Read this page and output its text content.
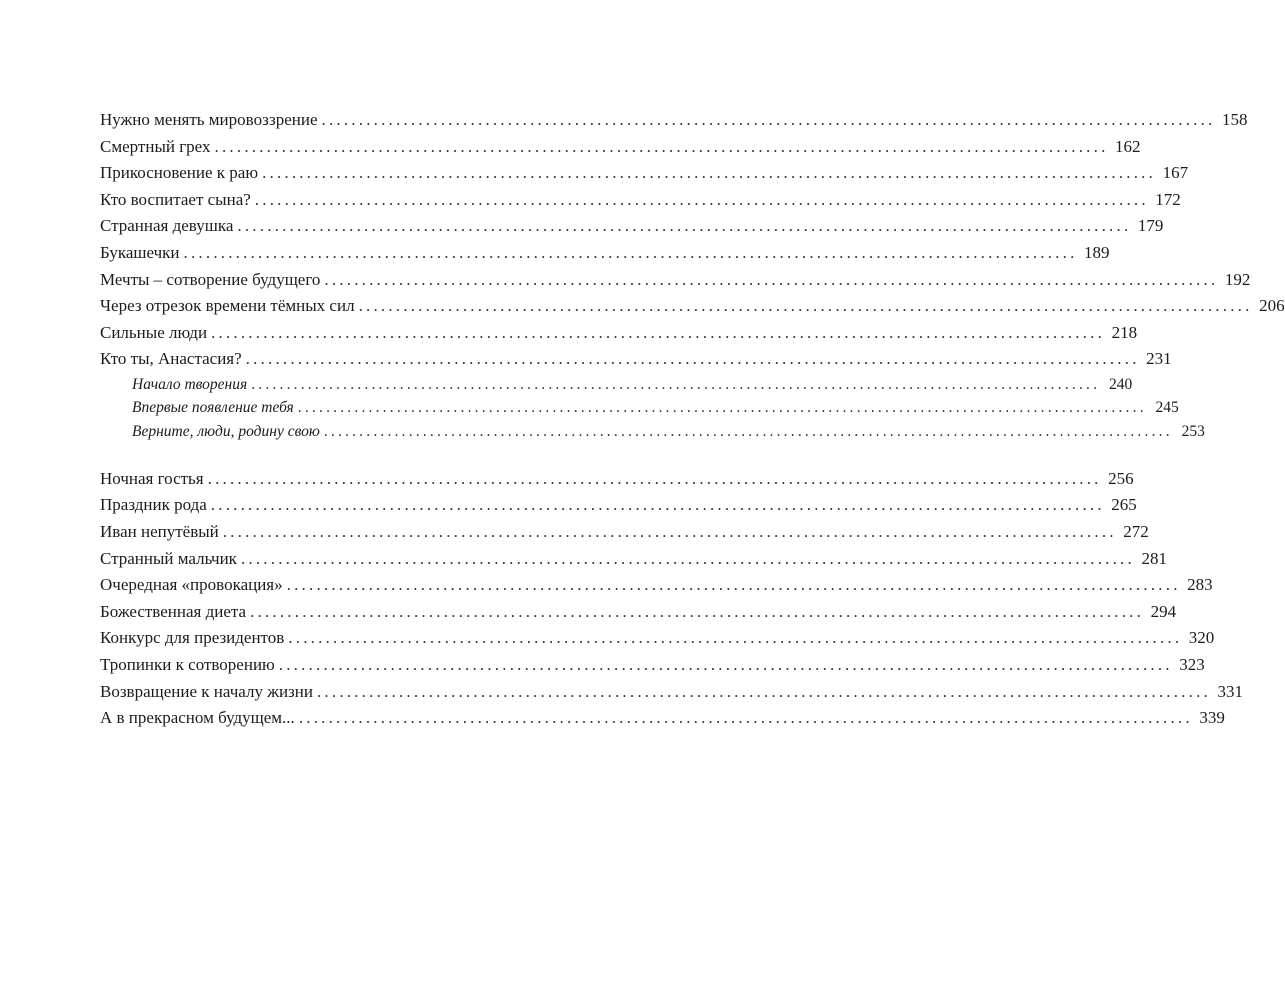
Нужно менять мировоззрение ........................................................................................................................ 158
Смертный грех ........................................................................................................................ 162
Прикосновение к раю ........................................................................................................................ 167
Кто воспитает сына? ........................................................................................................................ 172
Странная девушка ........................................................................................................................ 179
Букашечки ........................................................................................................................ 189
Мечты – сотворение будущего ........................................................................................................................ 192
Через отрезок времени тёмных сил ........................................................................................................................ 206
Сильные люди ........................................................................................................................ 218
Кто ты, Анастасия? ........................................................................................................................ 231
Начало творения ........................................................................................................................ 240
Впервые появление тебя ........................................................................................................................ 245
Верните, люди, родину свою ........................................................................................................................ 253
Ночная гостья ........................................................................................................................ 256
Праздник рода ........................................................................................................................ 265
Иван непутёвый ........................................................................................................................ 272
Странный мальчик ........................................................................................................................ 281
Очередная «провокация» ........................................................................................................................ 283
Божественная диета ........................................................................................................................ 294
Конкурс для президентов ........................................................................................................................ 320
Тропинки к сотворению ........................................................................................................................ 323
Возвращение к началу жизни ........................................................................................................................ 331
А в прекрасном будущем... ........................................................................................................................ 339
